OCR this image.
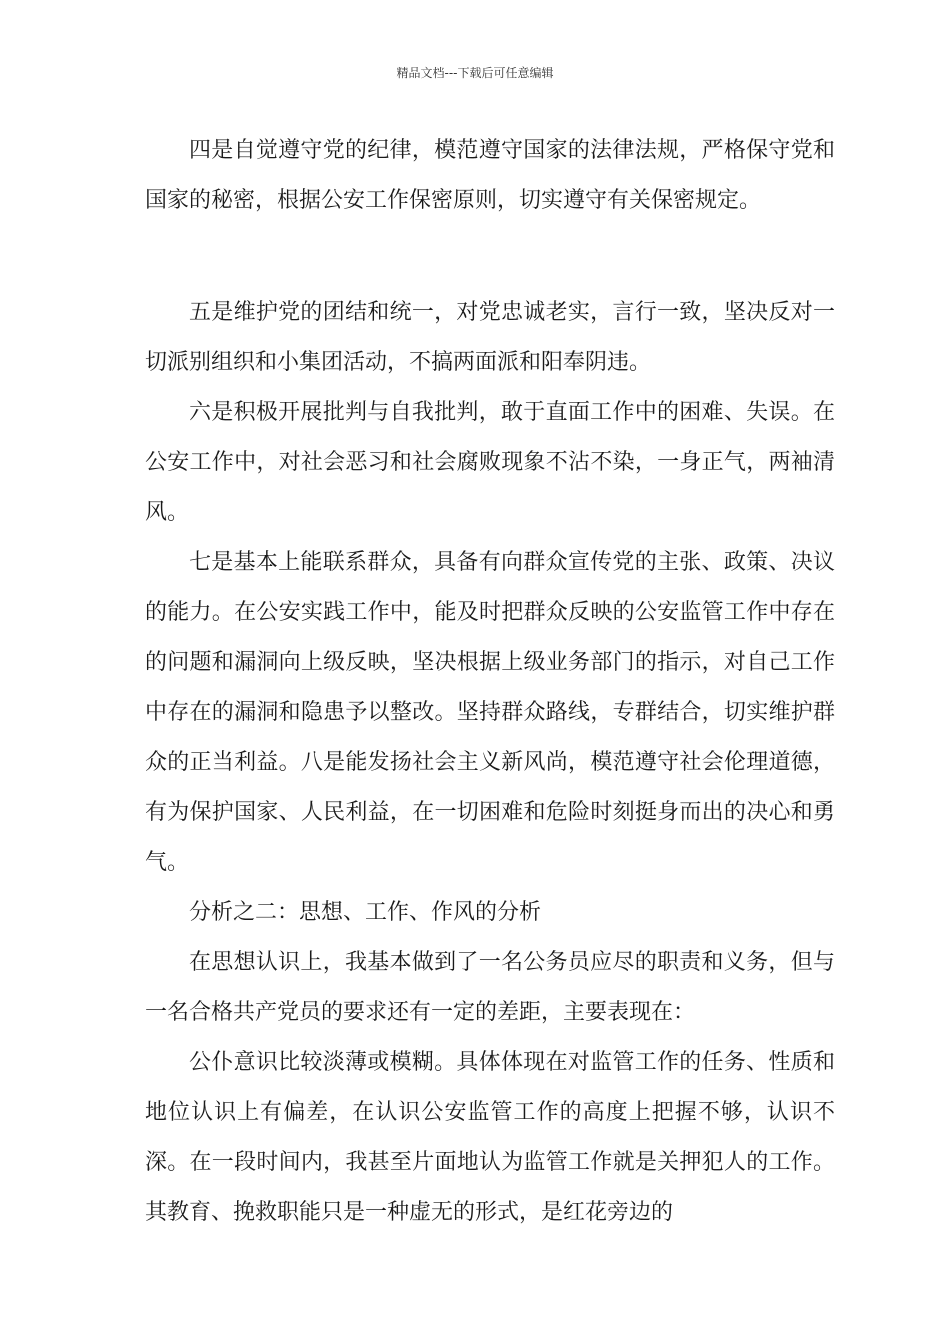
精品文档---下载后可任意编辑

四是自觉遵守党的纪律，模范遵守国家的法律法规，严格保守党和国家的秘密，根据公安工作保密原则，切实遵守有关保密规定。

五是维护党的团结和统一，对党忠诚老实，言行一致，坚决反对一切派别组织和小集团活动，不搞两面派和阳奉阴违。

六是积极开展批判与自我批判，敢于直面工作中的困难、失误。在公安工作中，对社会恶习和社会腐败现象不沾不染，一身正气，两袖清风。

七是基本上能联系群众，具备有向群众宣传党的主张、政策、决议的能力。在公安实践工作中，能及时把群众反映的公安监管工作中存在的问题和漏洞向上级反映，坚决根据上级业务部门的指示，对自己工作中存在的漏洞和隐患予以整改。坚持群众路线，专群结合，切实维护群众的正当利益。八是能发扬社会主义新风尚，模范遵守社会伦理道德，有为保护国家、人民利益，在一切困难和危险时刻挺身而出的决心和勇气。

分析之二：思想、工作、作风的分析

在思想认识上，我基本做到了一名公务员应尽的职责和义务，但与一名合格共产党员的要求还有一定的差距，主要表现在：

公仆意识比较淡薄或模糊。具体体现在对监管工作的任务、性质和地位认识上有偏差，在认识公安监管工作的高度上把握不够，认识不深。在一段时间内，我甚至片面地认为监管工作就是关押犯人的工作。其教育、挽救职能只是一种虚无的形式，是红花旁边的
